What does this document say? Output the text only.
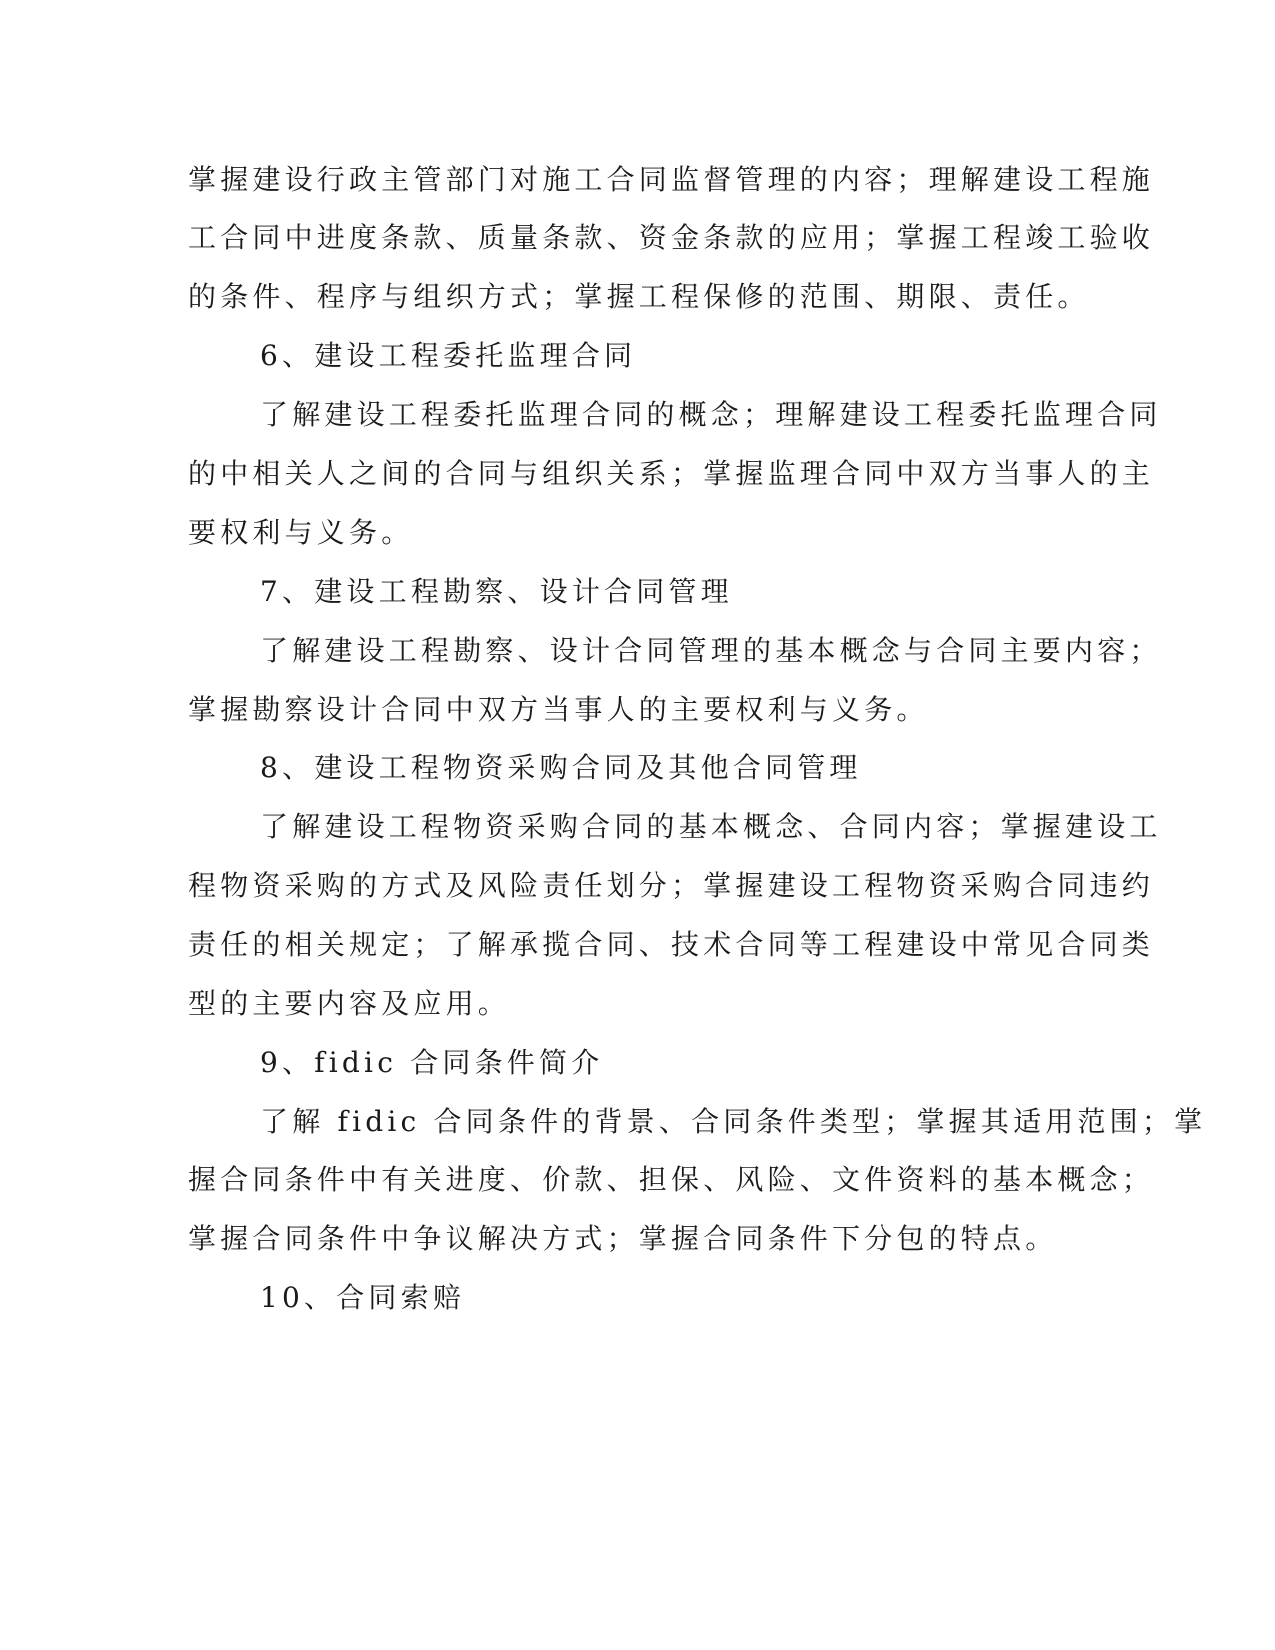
掌握建设行政主管部门对施工合同监督管理的内容；理解建设工程施
工合同中进度条款、质量条款、资金条款的应用；掌握工程竣工验收
的条件、程序与组织方式；掌握工程保修的范围、期限、责任。
6、建设工程委托监理合同
了解建设工程委托监理合同的概念；理解建设工程委托监理合同
的中相关人之间的合同与组织关系；掌握监理合同中双方当事人的主
要权利与义务。
7、建设工程勘察、设计合同管理
了解建设工程勘察、设计合同管理的基本概念与合同主要内容；
掌握勘察设计合同中双方当事人的主要权利与义务。
8、建设工程物资采购合同及其他合同管理
了解建设工程物资采购合同的基本概念、合同内容；掌握建设工
程物资采购的方式及风险责任划分；掌握建设工程物资采购合同违约
责任的相关规定；了解承揽合同、技术合同等工程建设中常见合同类
型的主要内容及应用。
9、fidic 合同条件简介
了解 fidic 合同条件的背景、合同条件类型；掌握其适用范围；掌
握合同条件中有关进度、价款、担保、风险、文件资料的基本概念；
掌握合同条件中争议解决方式；掌握合同条件下分包的特点。
10、合同索赔
